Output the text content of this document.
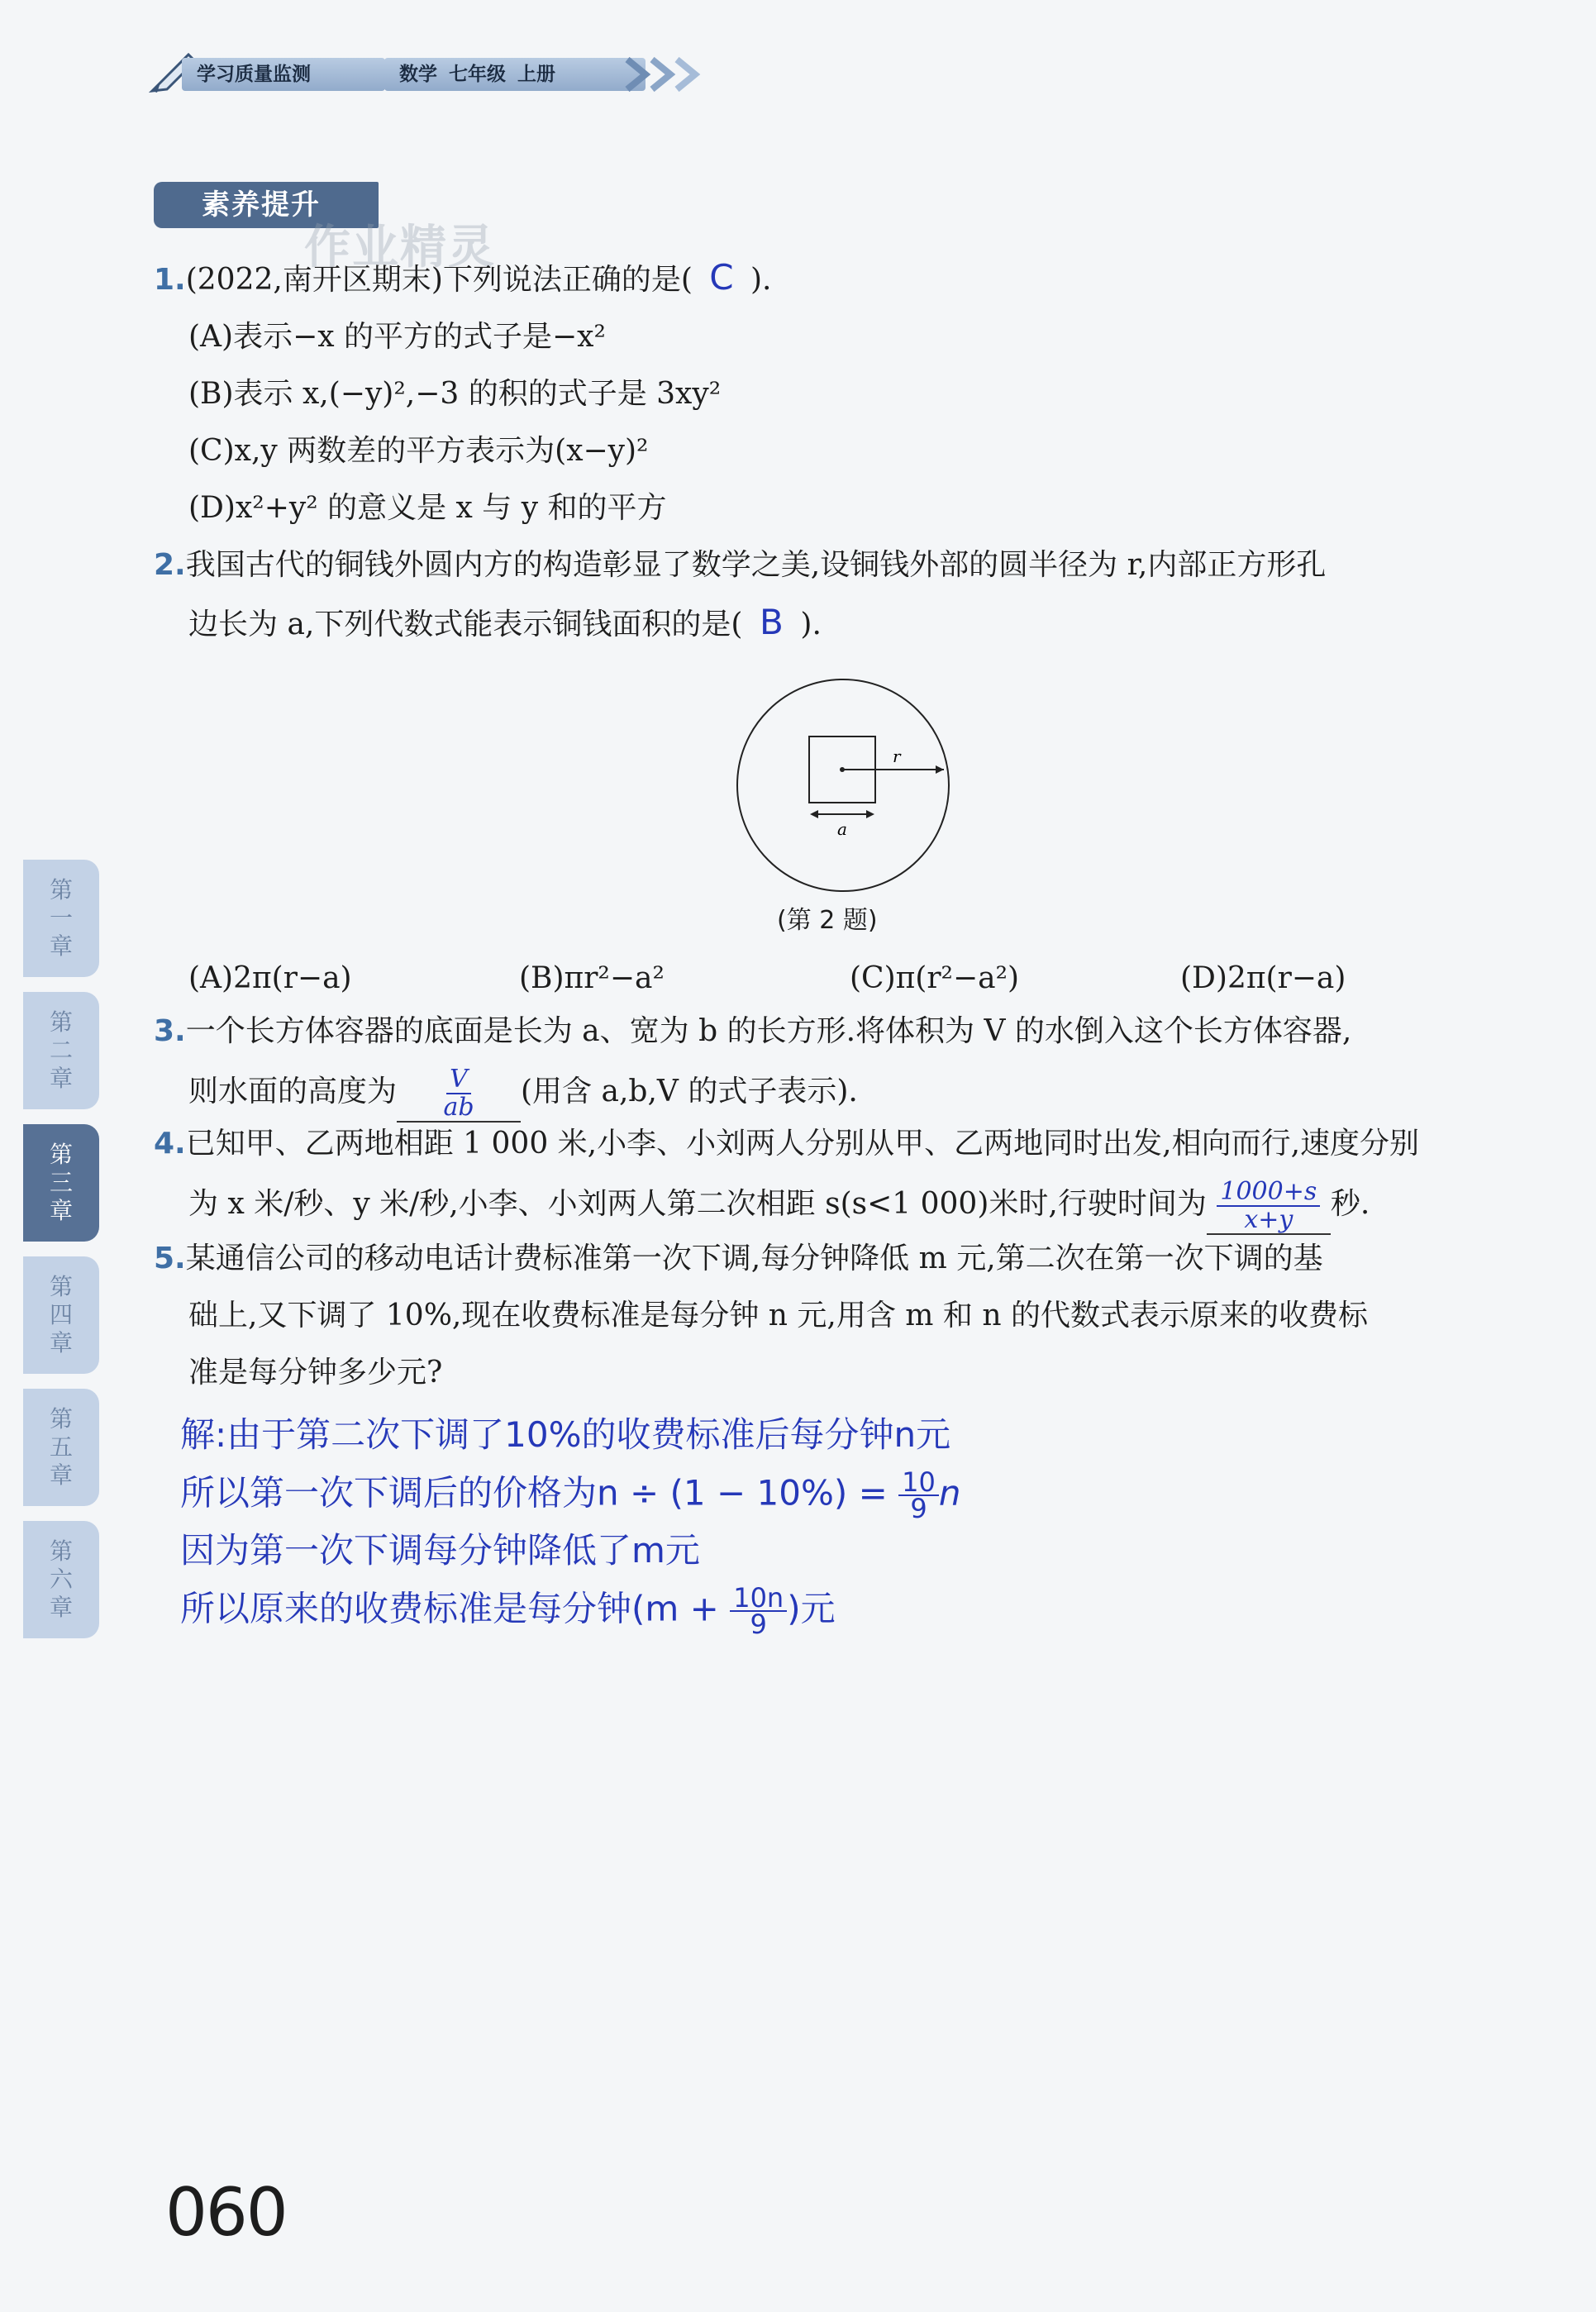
学习质量监测	数学 七年级 上册
素养提升
作业精灵
1.(2022,南开区期末)下列说法正确的是( C ).
(A)表示−x 的平方的式子是−x²
(B)表示 x,(−y)²,−3 的积的式子是 3xy²
(C)x,y 两数差的平方表示为(x−y)²
(D)x²+y² 的意义是 x 与 y 和的平方
2.我国古代的铜钱外圆内方的构造彰显了数学之美,设铜钱外部的圆半径为 r,内部正方形孔
边长为 a,下列代数式能表示铜钱面积的是( B ).
r
a
(第 2 题)
(A)2π(r−a)	(B)πr²−a²	(C)π(r²−a²)	(D)2π(r−a)
3.一个长方体容器的底面是长为 a、宽为 b 的长方形.将体积为 V 的水倒入这个长方体容器,
则水面的高度为 $\frac{V}{ab}$ (用含 a,b,V 的式子表示).
4.已知甲、乙两地相距 1 000 米,小李、小刘两人分别从甲、乙两地同时出发,相向而行,速度分别
为 x 米/秒、y 米/秒,小李、小刘两人第二次相距 s(s<1 000)米时,行驶时间为 $\frac{1000+s}{x+y}$ 秒.
5.某通信公司的移动电话计费标准第一次下调,每分钟降低 m 元,第二次在第一次下调的基
础上,又下调了 10%,现在收费标准是每分钟 n 元,用含 m 和 n 的代数式表示原来的收费标
准是每分钟多少元?
解:由于第二次下调了10%的收费标准后每分钟n元
所以第一次下调后的价格为$n \div (1 - 10\%) = \frac{10}{9}$ n
因为第一次下调每分钟降低了m元
所以原来的收费标准是每分钟($m + \frac{10n}{9}$ )元
第
一
章
第
二
章
第
三
章
第
四
章
第
五
章
第
六
章
060
